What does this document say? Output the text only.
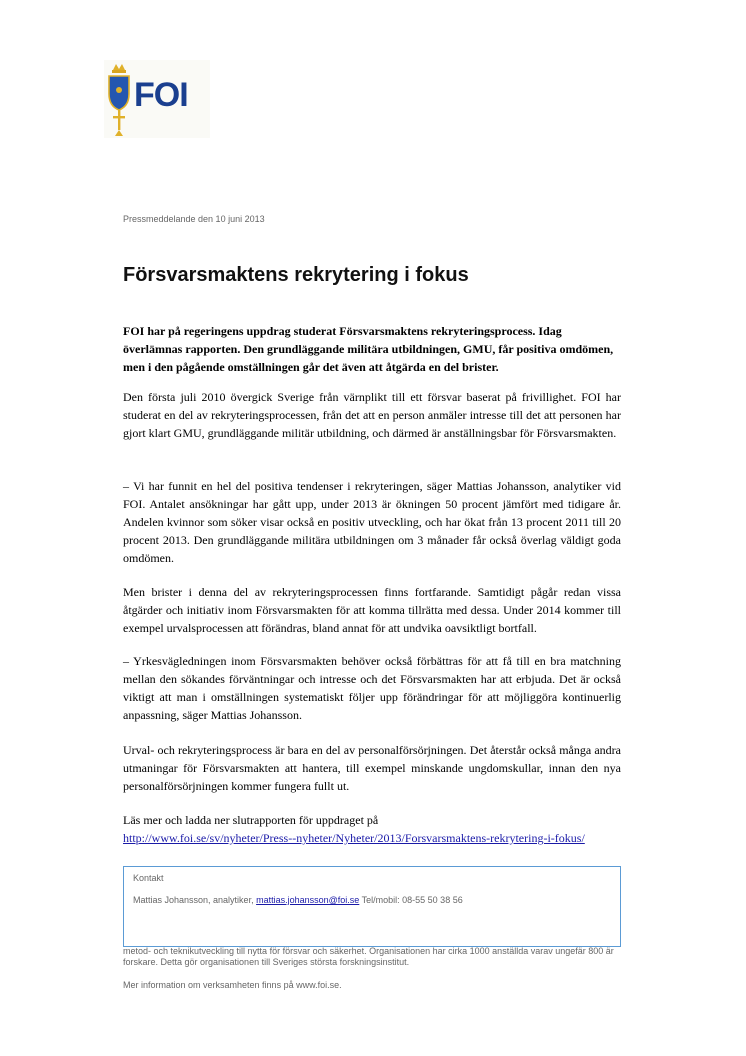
FOI
Pressmeddelande den 10 juni 2013
Försvarsmaktens rekrytering i fokus

FOI har på regeringens uppdrag studerat Försvarsmaktens rekryteringsprocess. Idag överlämnas rapporten. Den grundläggande militära utbildningen, GMU, får positiva omdömen, men i den pågående omställningen går det även att åtgärda en del brister.

Den första juli 2010 övergick Sverige från värnplikt till ett försvar baserat på frivillighet. FOI har studerat en del av rekryteringsprocessen, från det att en person anmäler intresse till det att personen har gjort klart GMU, grundläggande militär utbildning, och därmed är anställningsbar för Försvarsmakten.

– Vi har funnit en hel del positiva tendenser i rekryteringen, säger Mattias Johansson, analytiker vid FOI. Antalet ansökningar har gått upp, under 2013 är ökningen 50 procent jämfört med tidigare år. Andelen kvinnor som söker visar också en positiv utveckling, och har ökat från 13 procent 2011 till 20 procent 2013. Den grundläggande militära utbildningen om 3 månader får också överlag väldigt goda omdömen.

Men brister i denna del av rekryteringsprocessen finns fortfarande. Samtidigt pågår redan vissa åtgärder och initiativ inom Försvarsmakten för att komma tillrätta med dessa. Under 2014 kommer till exempel urvalsprocessen att förändras, bland annat för att undvika oavsiktligt bortfall.

– Yrkesvägledningen inom Försvarsmakten behöver också förbättras för att få till en bra matchning mellan den sökandes förväntningar och intresse och det Försvarsmakten har att erbjuda. Det är också viktigt att man i omställningen systematiskt följer upp förändringar för att möjliggöra kontinuerlig anpassning, säger Mattias Johansson.

Urval- och rekryteringsprocess är bara en del av personalförsörjningen. Det återstår också många andra utmaningar för Försvarsmakten att hantera, till exempel minskande ungdomskullar, innan den nya personalförsörjningen kommer fungera fullt ut.

Läs mer och ladda ner slutrapporten för uppdraget på
http://www.foi.se/sv/nyheter/Press--nyheter/Nyheter/2013/Forsvarsmaktens-rekrytering-i-fokus/

Kontakt
Mattias Johansson, analytiker, mattias.johansson@foi.se Tel/mobil: 08-55 50 38 56

metod- och teknikutveckling till nytta för försvar och säkerhet. Organisationen har cirka 1000 anställda varav ungefär 800 är forskare. Detta gör organisationen till Sveriges största forskningsinstitut.

Mer information om verksamheten finns på www.foi.se.
